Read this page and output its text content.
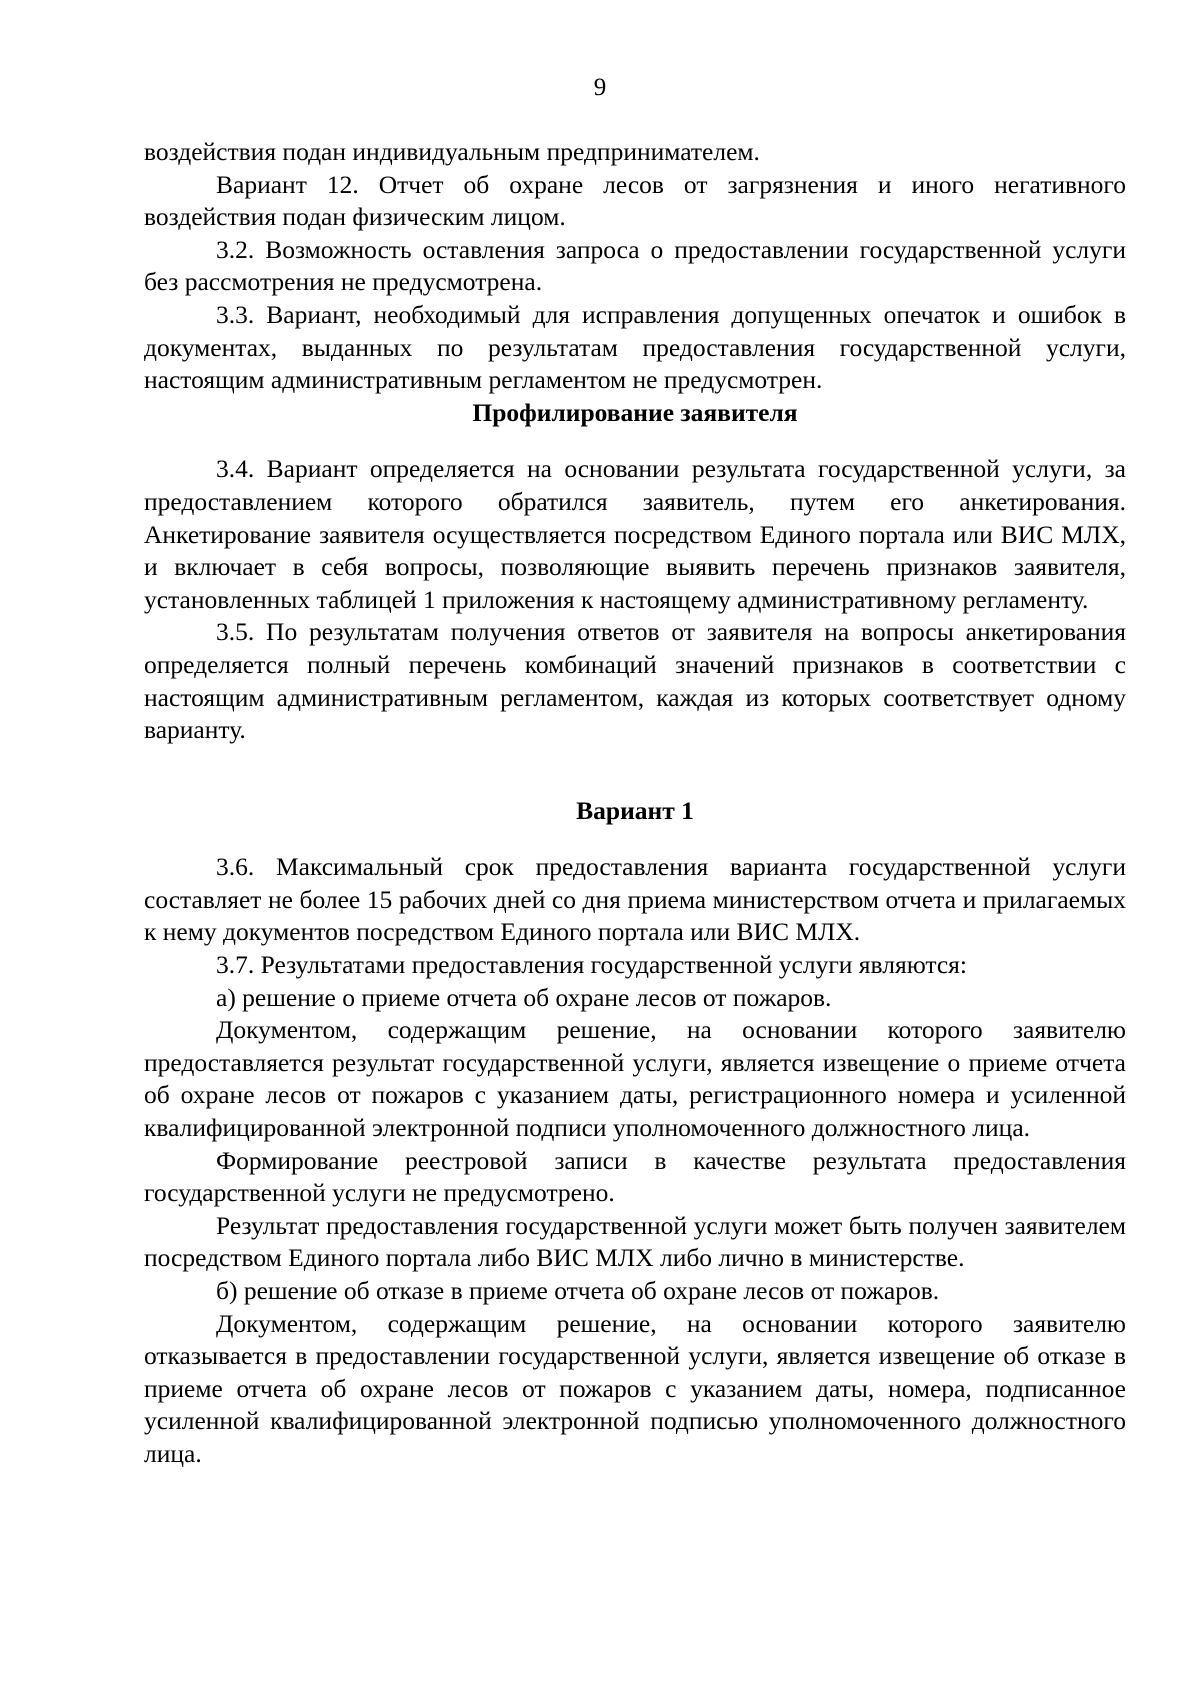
9

воздействия подан индивидуальным предпринимателем.

Вариант 12. Отчет об охране лесов от загрязнения и иного негативного воздействия подан физическим лицом.

3.2. Возможность оставления запроса о предоставлении государственной услуги без рассмотрения не предусмотрена.

3.3. Вариант, необходимый для исправления допущенных опечаток и ошибок в документах, выданных по результатам предоставления государственной услуги, настоящим административным регламентом не предусмотрен.

Профилирование заявителя

3.4. Вариант определяется на основании результата государственной услуги, за предоставлением которого обратился заявитель, путем его анкетирования. Анкетирование заявителя осуществляется посредством Единого портала или ВИС МЛХ, и включает в себя вопросы, позволяющие выявить перечень признаков заявителя, установленных таблицей 1 приложения к настоящему административному регламенту.

3.5. По результатам получения ответов от заявителя на вопросы анкетирования определяется полный перечень комбинаций значений признаков в соответствии с настоящим административным регламентом, каждая из которых соответствует одному варианту.

Вариант 1

3.6. Максимальный срок предоставления варианта государственной услуги составляет не более 15 рабочих дней со дня приема министерством отчета и прилагаемых к нему документов посредством Единого портала или ВИС МЛХ.

3.7. Результатами предоставления государственной услуги являются:

а) решение о приеме отчета об охране лесов от пожаров.

Документом, содержащим решение, на основании которого заявителю предоставляется результат государственной услуги, является извещение о приеме отчета об охране лесов от пожаров с указанием даты, регистрационного номера и усиленной квалифицированной электронной подписи уполномоченного должностного лица.

Формирование реестровой записи в качестве результата предоставления государственной услуги не предусмотрено.

Результат предоставления государственной услуги может быть получен заявителем посредством Единого портала либо ВИС МЛХ либо лично в министерстве.

б) решение об отказе в приеме отчета об охране лесов от пожаров.

Документом, содержащим решение, на основании которого заявителю отказывается в предоставлении государственной услуги, является извещение об отказе в приеме отчета об охране лесов от пожаров с указанием даты, номера, подписанное усиленной квалифицированной электронной подписью уполномоченного должностного лица.
